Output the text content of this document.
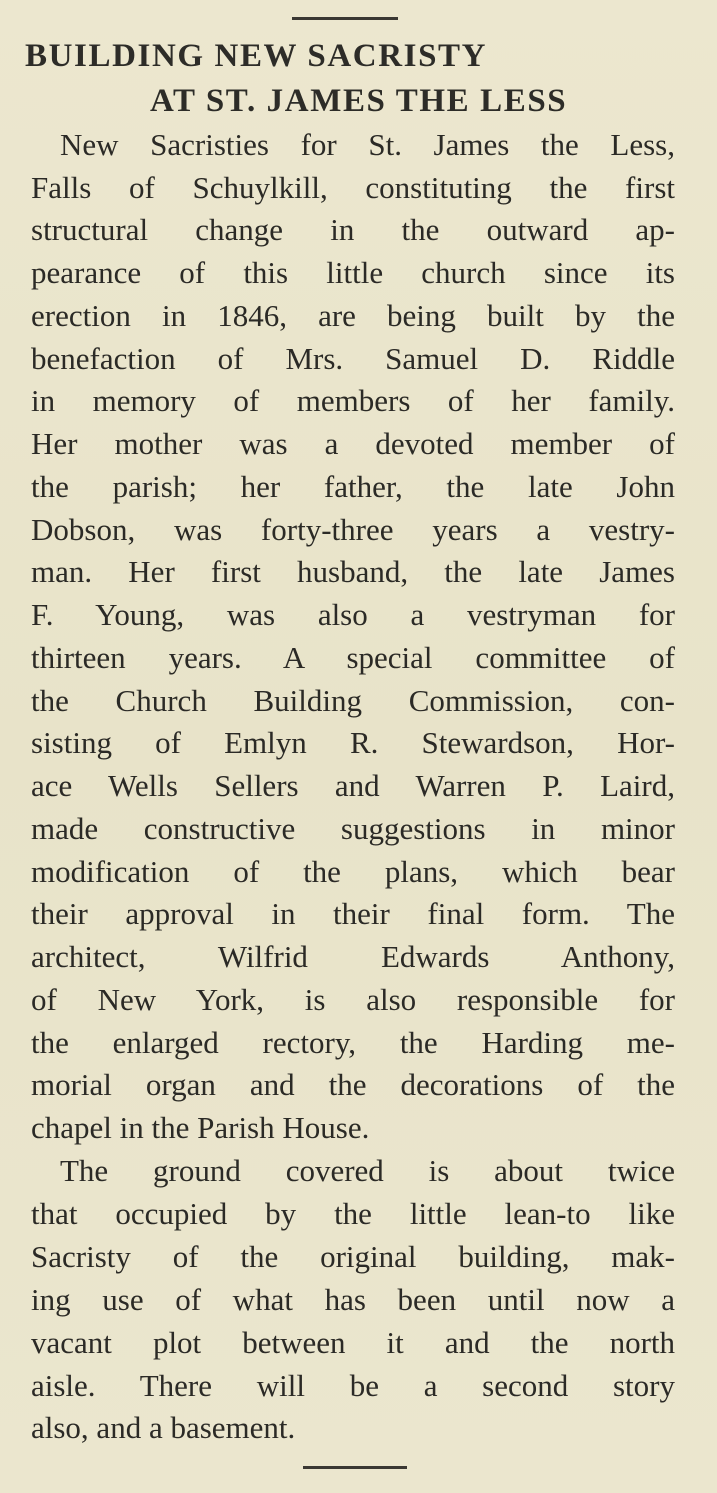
BUILDING NEW SACRISTY
AT ST. JAMES THE LESS

New Sacristies for St. James the Less,

Falls of Schuylkill, constituting the first

structural change in the outward ap-

pearance of this little church since its

erection in 1846, are being built by the

benefaction of Mrs. Samuel D. Riddle

in memory of members of her family.

Her mother was a devoted member of

the parish; her father, the late John

Dobson, was forty-three years a vestry-

man. Her first husband, the late James

F. Young, was also a vestryman for

thirteen years. A special committee of

the Church Building Commission, con-

sisting of Emlyn R. Stewardson, Hor-

ace Wells Sellers and Warren P. Laird,

made constructive suggestions in minor

modification of the plans, which bear

their approval in their final form. The

architect, Wilfrid Edwards Anthony,

of New York, is also responsible for

the enlarged rectory, the Harding me-

morial organ and the decorations of the

chapel in the Parish House.

The ground covered is about twice

that occupied by the little lean-to like

Sacristy of the original building, mak-

ing use of what has been until now a

vacant plot between it and the north

aisle. There will be a second story

also, and a basement.
